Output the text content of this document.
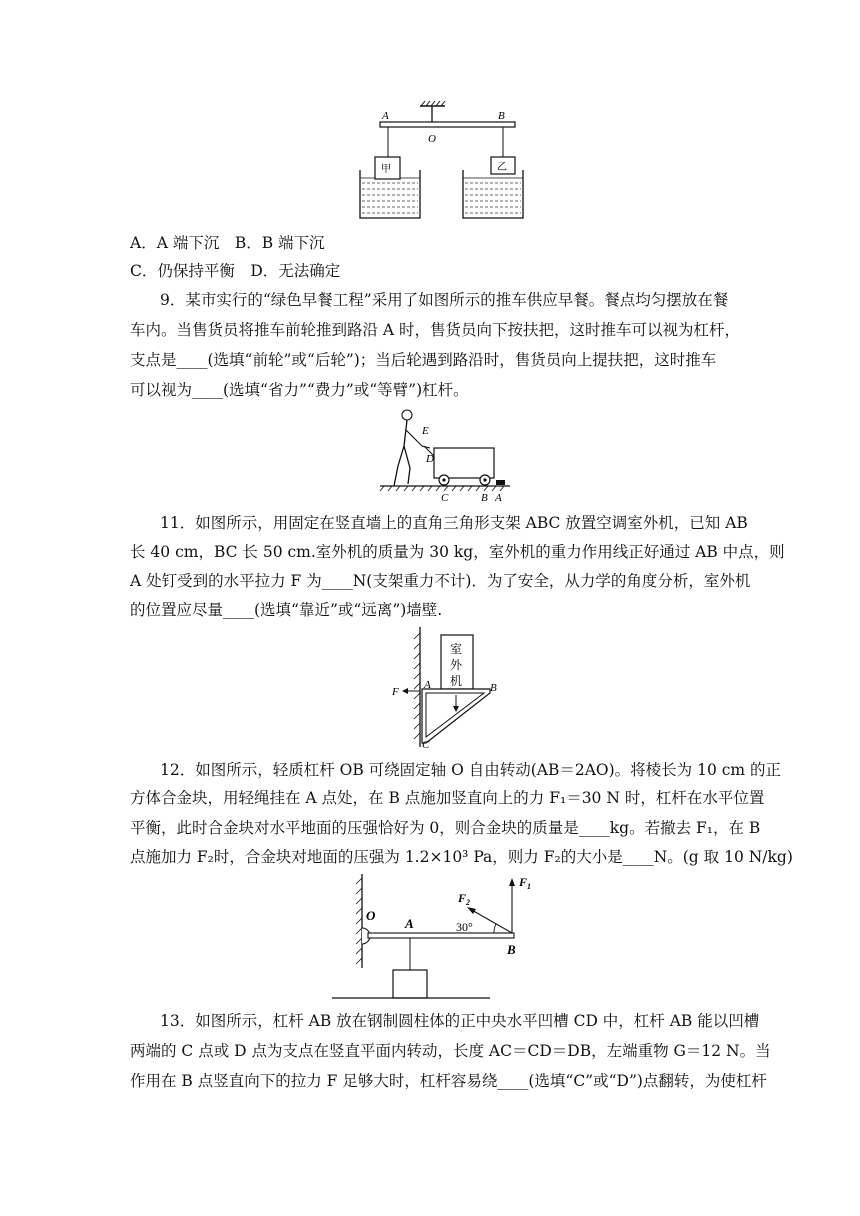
A	B
O
甲	乙
A．A 端下沉　B．B 端下沉
C．仍保持平衡　D．无法确定
9．某市实行的“绿色早餐工程”采用了如图所示的推车供应早餐。餐点均匀摆放在餐
车内。当售货员将推车前轮推到路沿 A 时，售货员向下按扶把，这时推车可以视为杠杆，
支点是____(选填“前轮”或“后轮”)；当后轮遇到路沿时，售货员向上提扶把，这时推车
可以视为____(选填“省力”“费力”或“等臂”)杠杆。
E
D
C	B A
11．如图所示，用固定在竖直墙上的直角三角形支架 ABC 放置空调室外机，已知 AB
长 40 cm，BC 长 50 cm.室外机的质量为 30 kg，室外机的重力作用线正好通过 AB 中点，则
A 处钉受到的水平拉力 F 为____N(支架重力不计)．为了安全，从力学的角度分析，室外机
的位置应尽量____(选填“靠近”或“远离”)墙壁.
室
外
机
F
A	B
C
12．如图所示，轻质杠杆 OB 可绕固定轴 O 自由转动(AB＝2AO)。将棱长为 10 cm 的正
方体合金块，用轻绳挂在 A 点处，在 B 点施加竖直向上的力 F₁＝30 N 时，杠杆在水平位置
平衡，此时合金块对水平地面的压强恰好为 0，则合金块的质量是____kg。若撤去 F₁，在 B
点施加力 F₂时，合金块对地面的压强为 1.2×10³ Pa，则力 F₂的大小是____N。(g 取 10 N/kg)
O
A
B
$F_1$
$F_2$
30°
13．如图所示，杠杆 AB 放在钢制圆柱体的正中央水平凹槽 CD 中，杠杆 AB 能以凹槽
两端的 C 点或 D 点为支点在竖直平面内转动，长度 AC＝CD＝DB，左端重物 G＝12 N。当
作用在 B 点竖直向下的拉力 F 足够大时，杠杆容易绕____(选填“C”或“D”)点翻转，为使杠杆
